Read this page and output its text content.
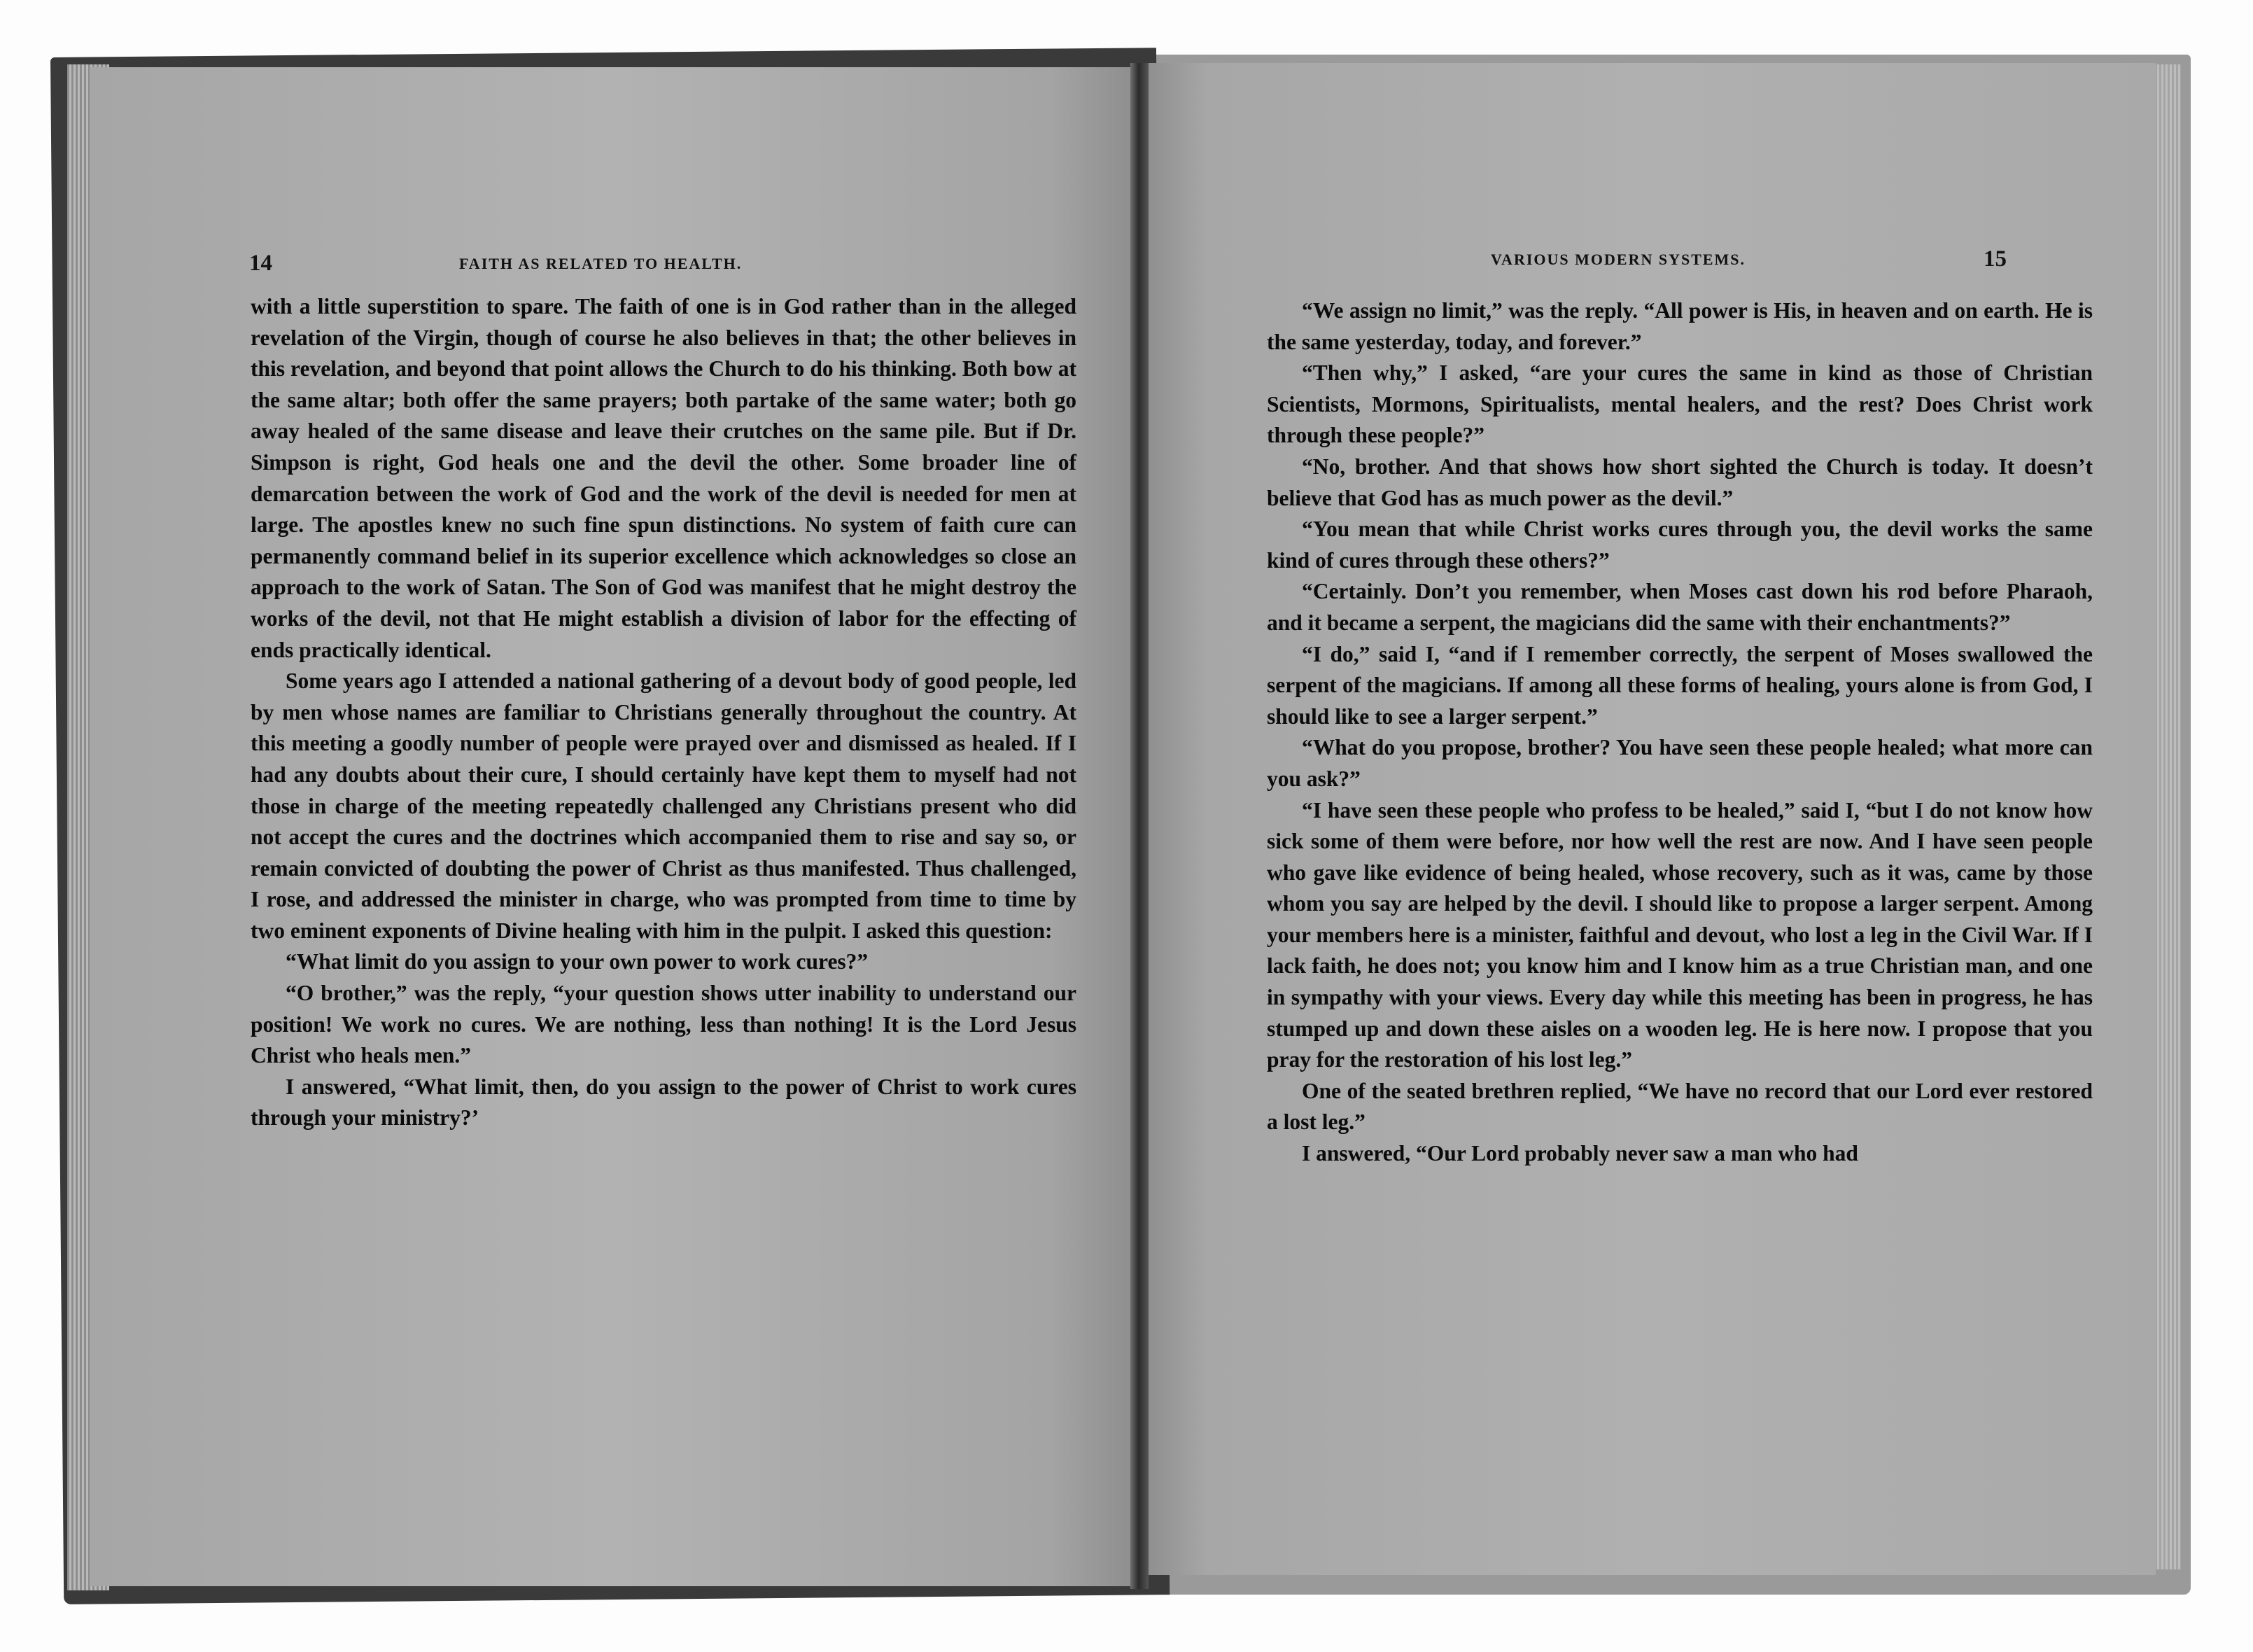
14	FAITH AS RELATED TO HEALTH.

with a little superstition to spare. The faith of one is in God rather than in the alleged revelation of the Virgin, though of course he also believes in that; the other believes in this revelation, and beyond that point allows the Church to do his thinking. Both bow at the same altar; both offer the same prayers; both partake of the same water; both go away healed of the same disease and leave their crutches on the same pile. But if Dr. Simpson is right, God heals one and the devil the other. Some broader line of demarcation between the work of God and the work of the devil is needed for men at large. The apostles knew no such fine spun distinctions. No system of faith cure can permanently command belief in its superior excellence which acknowledges so close an approach to the work of Satan. The Son of God was manifest that he might destroy the works of the devil, not that He might establish a division of labor for the effecting of ends practically identical.

Some years ago I attended a national gathering of a devout body of good people, led by men whose names are familiar to Christians generally throughout the country. At this meeting a goodly number of people were prayed over and dismissed as healed. If I had any doubts about their cure, I should certainly have kept them to myself had not those in charge of the meeting repeatedly challenged any Christians present who did not accept the cures and the doctrines which accompanied them to rise and say so, or remain convicted of doubting the power of Christ as thus manifested. Thus challenged, I rose, and addressed the minister in charge, who was prompted from time to time by two eminent exponents of Divine healing with him in the pulpit. I asked this question:

“What limit do you assign to your own power to work cures?”

“O brother,” was the reply, “your question shows utter inability to understand our position! We work no cures. We are nothing, less than nothing! It is the Lord Jesus Christ who heals men.”

I answered, “What limit, then, do you assign to the power of Christ to work cures through your ministry?’

VARIOUS MODERN SYSTEMS.	15

“We assign no limit,” was the reply. “All power is His, in heaven and on earth. He is the same yesterday, today, and forever.”

“Then why,” I asked, “are your cures the same in kind as those of Christian Scientists, Mormons, Spiritualists, mental healers, and the rest? Does Christ work through these people?”

“No, brother. And that shows how short sighted the Church is today. It doesn’t believe that God has as much power as the devil.”

“You mean that while Christ works cures through you, the devil works the same kind of cures through these others?”

“Certainly. Don’t you remember, when Moses cast down his rod before Pharaoh, and it became a serpent, the magicians did the same with their enchantments?”

“I do,” said I, “and if I remember correctly, the serpent of Moses swallowed the serpent of the magicians. If among all these forms of healing, yours alone is from God, I should like to see a larger serpent.”

“What do you propose, brother? You have seen these people healed; what more can you ask?”

“I have seen these people who profess to be healed,” said I, “but I do not know how sick some of them were before, nor how well the rest are now. And I have seen people who gave like evidence of being healed, whose recovery, such as it was, came by those whom you say are helped by the devil. I should like to propose a larger serpent. Among your members here is a minister, faithful and devout, who lost a leg in the Civil War. If I lack faith, he does not; you know him and I know him as a true Christian man, and one in sympathy with your views. Every day while this meeting has been in progress, he has stumped up and down these aisles on a wooden leg. He is here now. I propose that you pray for the restoration of his lost leg.”

One of the seated brethren replied, “We have no record that our Lord ever restored a lost leg.”

I answered, “Our Lord probably never saw a man who had
